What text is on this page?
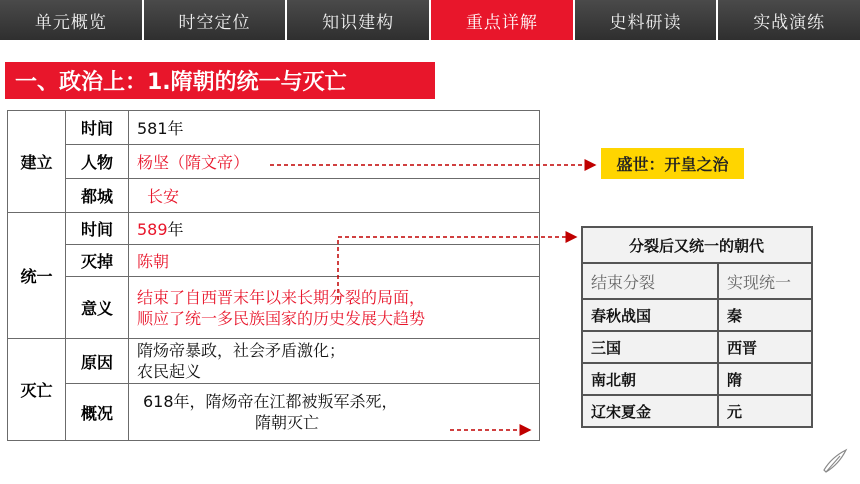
单元概览	时空定位	知识建构	重点详解	史料研读	实战演练
一、政治上：1.隋朝的统一与灭亡
建立	时间	581年
	人物	杨坚（隋文帝）
	都城	长安
统一	时间	589年
	灭掉	陈朝
	意义	结束了自西晋末年以来长期分裂的局面，
顺应了统一多民族国家的历史发展大趋势

灭亡	原因	隋炀帝暴政，社会矛盾激化；
农民起义

	概况	618年，隋炀帝在江都被叛军杀死，
隋朝灭亡
盛世：开皇之治
分裂后又统一的朝代	
结束分裂	实现统一
春秋战国	秦
三国	西晋
南北朝	隋
辽宋夏金	元
